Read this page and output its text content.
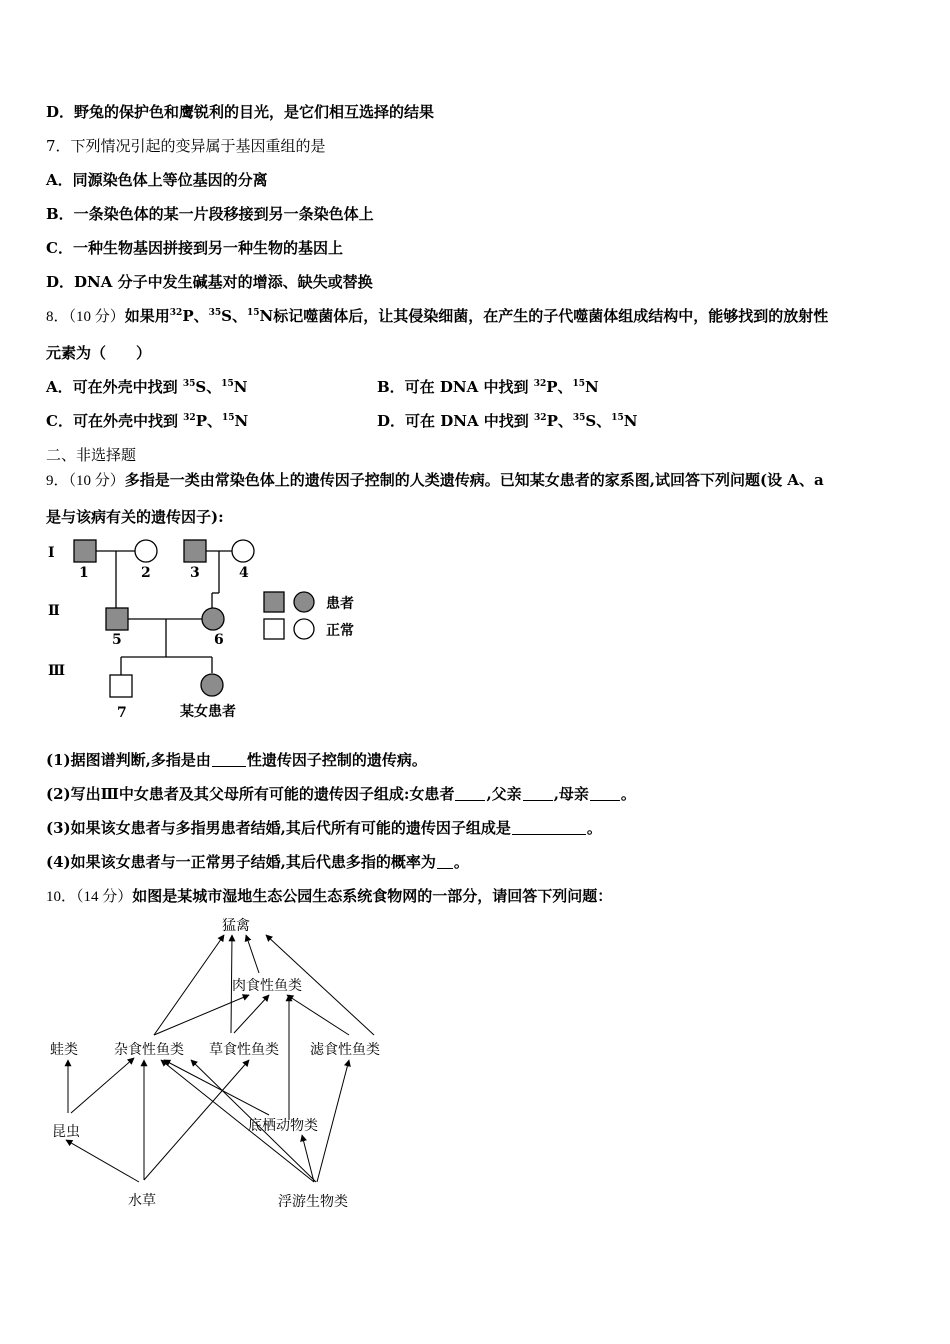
D．野兔的保护色和鹰锐利的目光，是它们相互选择的结果
7．下列情况引起的变异属于基因重组的是
A．同源染色体上等位基因的分离
B．一条染色体的某一片段移接到另一条染色体上
C．一种生物基因拼接到另一种生物的基因上
D．DNA 分子中发生碱基对的增添、缺失或替换
8．（10 分）如果用$^{32}$P、$^{35}$S、$^{15}$N标记噬菌体后，让其侵染细菌，在产生的子代噬菌体组成结构中，能够找到的放射性
元素为（　　）
A．可在外壳中找到 $^{35}$S、$^{15}$N	B．可在 DNA 中找到 $^{32}$P、$^{15}$N
C．可在外壳中找到 $^{32}$P、$^{15}$N	D．可在 DNA 中找到 $^{32}$P、$^{35}$S、$^{15}$N
二、非选择题
9．（10 分）多指是一类由常染色体上的遗传因子控制的人类遗传病。已知某女患者的家系图,试回答下列问题(设 A、a
是与该病有关的遗传因子):
Ⅰ
Ⅱ
Ⅲ
1	2	3	4
5	6
7	某女患者
患者
正常
(1)据图谱判断,多指是由 性遗传因子控制的遗传病。
(2)写出Ⅲ中女患者及其父母所有可能的遗传因子组成:女患者 ,父亲 ,母亲 。
(3)如果该女患者与多指男患者结婚,其后代所有可能的遗传因子组成是	。
(4)如果该女患者与一正常男子结婚,其后代患多指的概率为 。
10．（14 分）如图是某城市湿地生态公园生态系统食物网的一部分，请回答下列问题：
猛禽
肉食性鱼类
蛙类	杂食性鱼类 草食性鱼类 滤食性鱼类
底栖动物类
昆虫
水草	浮游生物类
